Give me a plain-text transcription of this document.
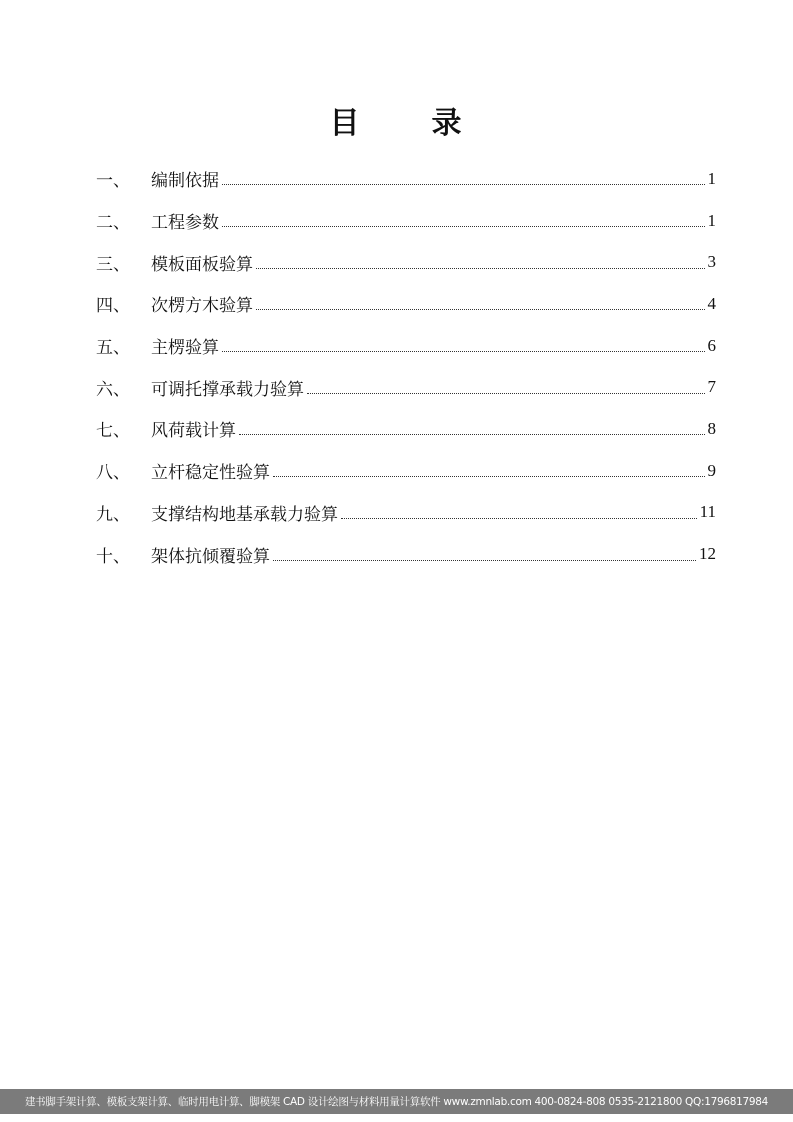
目 录
一、	编制依据	1
二、	工程参数	1
三、	模板面板验算	3
四、	次楞方木验算	4
五、	主楞验算	6
六、	可调托撑承载力验算	7
七、	风荷载计算	8
八、	立杆稳定性验算	9
九、	支撑结构地基承载力验算	11
十、	架体抗倾覆验算	12
建书脚手架计算、模板支架计算、临时用电计算、脚模架 CAD 设计绘图与材料用量计算软件 www.zmnlab.com 400-0824-808 0535-2121800 QQ:1796817984
